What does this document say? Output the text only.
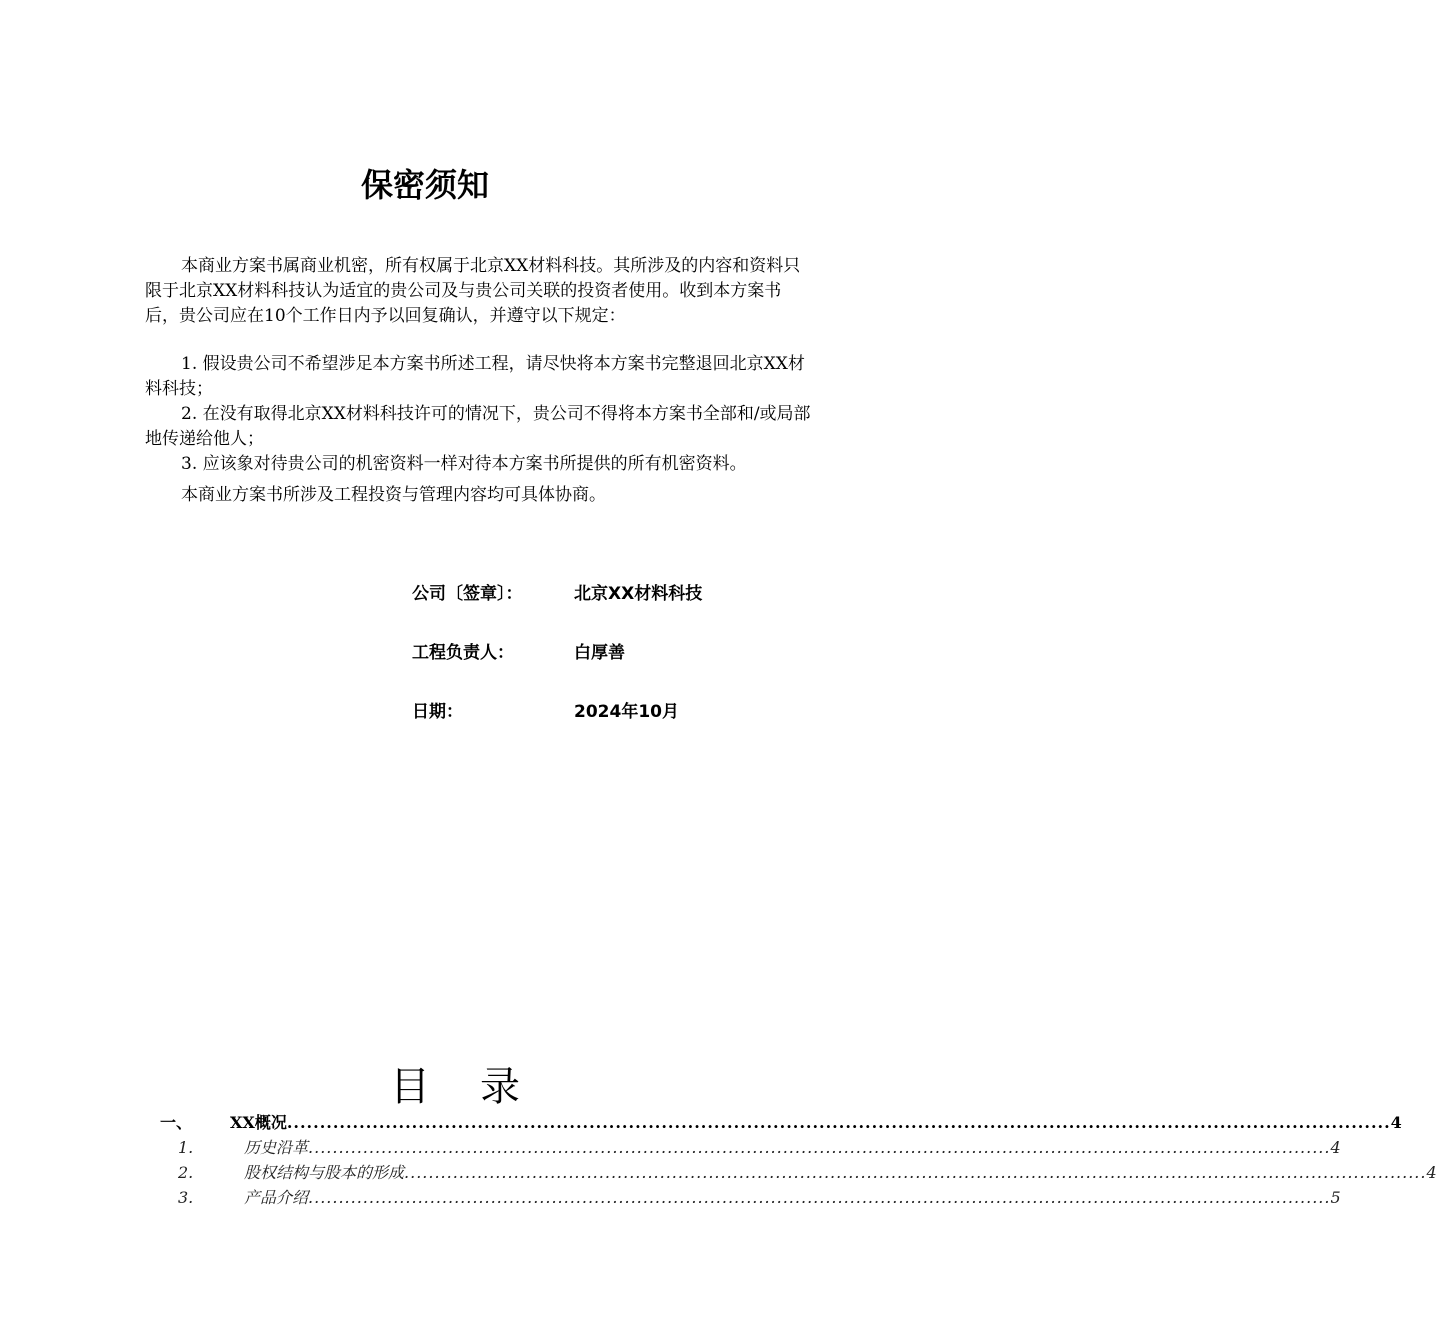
保密须知
本商业方案书属商业机密，所有权属于北京XX材料科技。其所涉及的内容和资料只限于北京XX材料科技认为适宜的贵公司及与贵公司关联的投资者使用。收到本方案书后，贵公司应在10个工作日内予以回复确认，并遵守以下规定：
1. 假设贵公司不希望涉足本方案书所述工程，请尽快将本方案书完整退回北京XX材料科技；
2. 在没有取得北京XX材料科技许可的情况下，贵公司不得将本方案书全部和/或局部地传递给他人；
3. 应该象对待贵公司的机密资料一样对待本方案书所提供的所有机密资料。
本商业方案书所涉及工程投资与管理内容均可具体协商。
公司〔签章〕：	北京XX材料科技
工程负责人：	白厚善
日期：	2024年10月
目录
一、	XX概况 ........................................................................................................................................................................ 4
1.	历史沿革 ........................................................................................................................................................................ 4
2.	股权结构与股本的形成 ........................................................................................................................................................................ 4
3.	产品介绍 ........................................................................................................................................................................ 5
